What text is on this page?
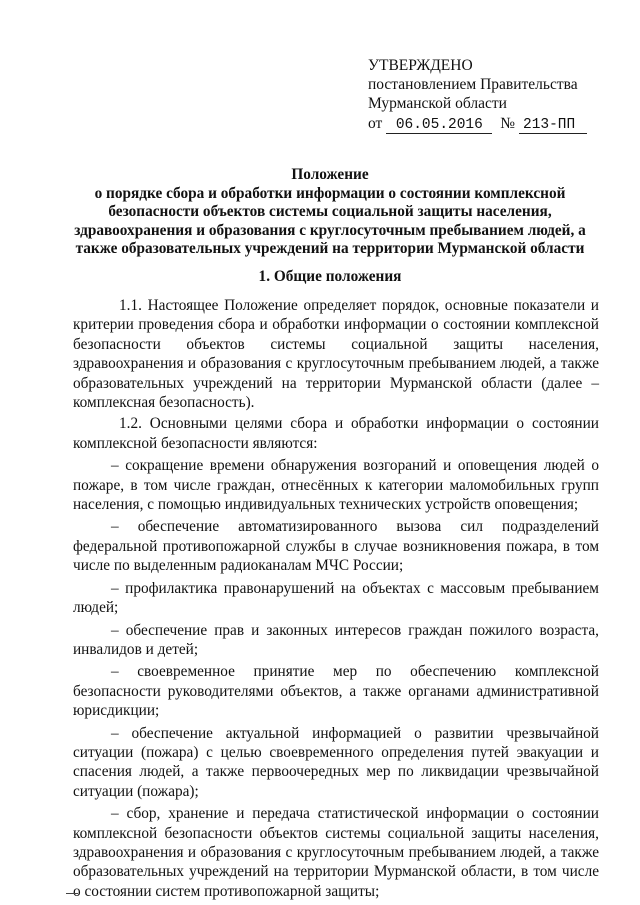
УТВЕРЖДЕНО
постановлением Правительства
Мурманской области
от 06.05.2016 № 213-ПП
Положение
о порядке сбора и обработки информации о состоянии комплексной
безопасности объектов системы социальной защиты населения,
здравоохранения и образования с круглосуточным пребыванием людей, а
также образовательных учреждений на территории Мурманской области
1. Общие положения

1.1. Настоящее Положение определяет порядок, основные показатели и критерии проведения сбора и обработки информации о состоянии комплексной безопасности объектов системы социальной защиты населения, здравоохранения и образования с круглосуточным пребыванием людей, а также образовательных учреждений на территории Мурманской области (далее – комплексная безопасность).

1.2. Основными целями сбора и обработки информации о состоянии комплексной безопасности являются:

– сокращение времени обнаружения возгораний и оповещения людей о пожаре, в том числе граждан, отнесённых к категории маломобильных групп населения, с помощью индивидуальных технических устройств оповещения;

– обеспечение автоматизированного вызова сил подразделений федеральной противопожарной службы в случае возникновения пожара, в том числе по выделенным радиоканалам МЧС России;

– профилактика правонарушений на объектах с массовым пребыванием людей;

– обеспечение прав и законных интересов граждан пожилого возраста, инвалидов и детей;

– своевременное принятие мер по обеспечению комплексной безопасности руководителями объектов, а также органами административной юрисдикции;

– обеспечение актуальной информацией о развитии чрезвычайной ситуации (пожара) с целью своевременного определения путей эвакуации и спасения людей, а также первоочередных мер по ликвидации чрезвычайной ситуации (пожара);

– сбор, хранение и передача статистической информации о состоянии комплексной безопасности объектов системы социальной защиты населения, здравоохранения и образования с круглосуточным пребыванием людей, а также образовательных учреждений на территории Мурманской области, в том числе о состоянии систем противопожарной защиты;
